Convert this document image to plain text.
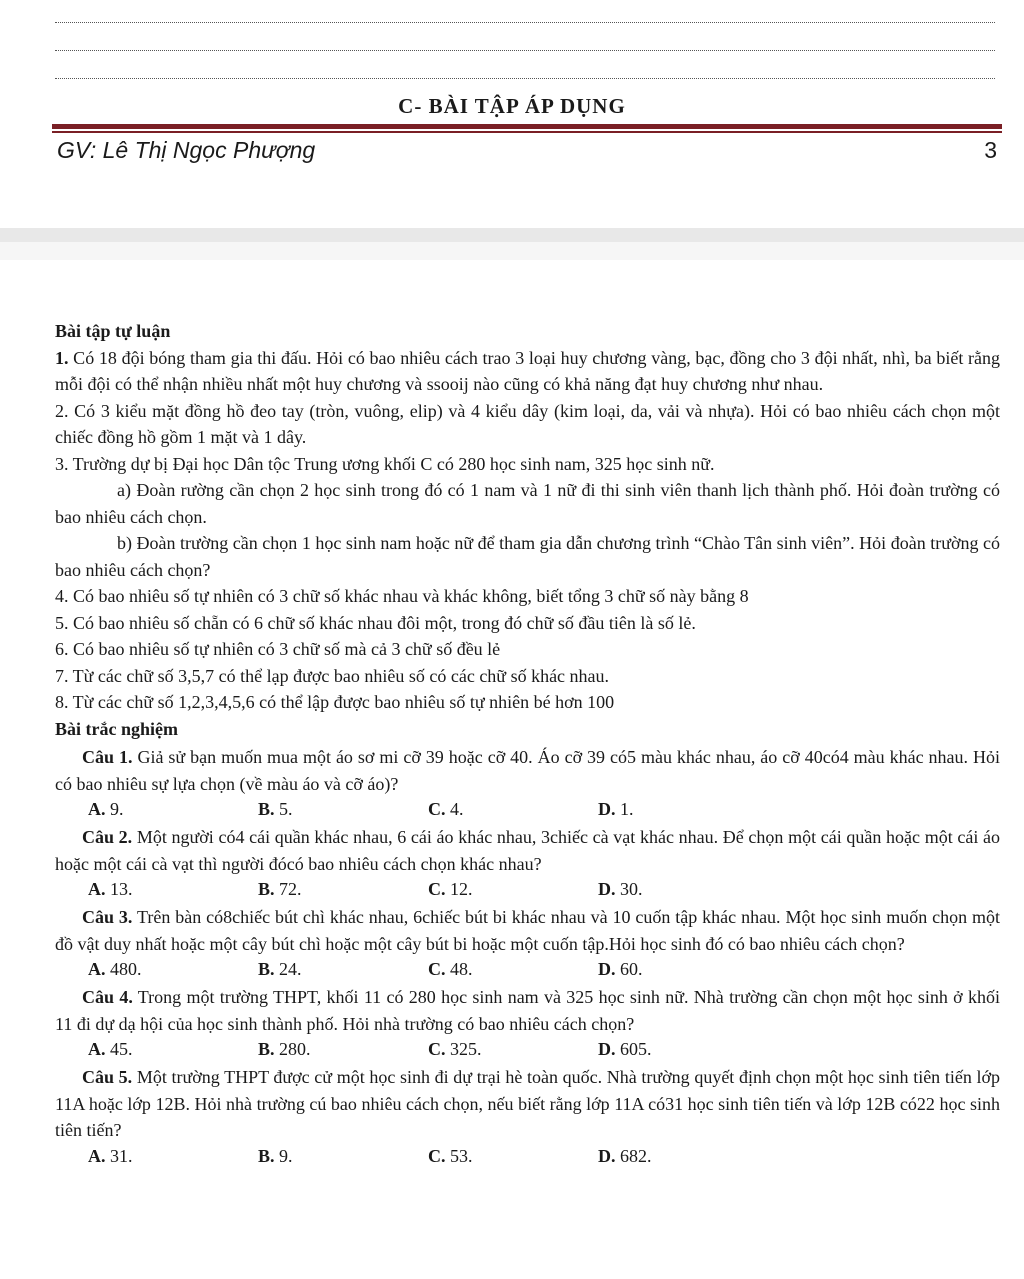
C- BÀI TẬP ÁP DỤNG
GV: Lê Thị Ngọc Phượng	3

Bài tập tự luận

1. Có 18 đội bóng tham gia thi đấu. Hỏi có bao nhiêu cách trao 3 loại huy chương vàng, bạc, đồng cho 3 đội nhất, nhì, ba biết rằng mỗi đội có thể nhận nhiều nhất một huy chương và ssooij nào cũng có khả năng đạt huy chương như nhau.

2. Có 3 kiểu mặt đồng hồ đeo tay (tròn, vuông, elip) và 4 kiểu dây (kim loại, da, vải và nhựa). Hỏi có bao nhiêu cách chọn một chiếc đồng hồ gồm 1 mặt và 1 dây.

3. Trường dự bị Đại học Dân tộc Trung ương khối C có 280 học sinh nam, 325 học sinh nữ.

a) Đoàn rường cần chọn 2 học sinh trong đó có 1 nam và 1 nữ đi thi sinh viên thanh lịch thành phố. Hỏi đoàn trường có bao nhiêu cách chọn.

b) Đoàn trường cần chọn 1 học sinh nam hoặc nữ để tham gia dẫn chương trình “Chào Tân sinh viên”. Hỏi đoàn trường có bao nhiêu cách chọn?

4. Có bao nhiêu số tự nhiên có 3 chữ số khác nhau và khác không, biết tổng 3 chữ số này bằng 8

5. Có bao nhiêu số chẵn có 6 chữ số khác nhau đôi một, trong đó chữ số đầu tiên là số lẻ.

6. Có bao nhiêu số tự nhiên có 3 chữ số mà cả 3 chữ số đều lẻ

7. Từ các chữ số 3,5,7 có thể lạp được bao nhiêu số có các chữ số khác nhau.

8. Từ các chữ số 1,2,3,4,5,6 có thể lập được bao nhiêu số tự nhiên bé hơn 100

Bài trắc nghiệm

Câu 1. Giả sử bạn muốn mua một áo sơ mi cỡ 39 hoặc cỡ 40. Áo cỡ 39 có5 màu khác nhau, áo cỡ 40có4 màu khác nhau. Hỏi có bao nhiêu sự lựa chọn (về màu áo và cỡ áo)?

A. 9.	B. 5.	C. 4.	D. 1.

Câu 2. Một người có4 cái quần khác nhau, 6 cái áo khác nhau, 3chiếc cà vạt khác nhau. Để chọn một cái quần hoặc một cái áo hoặc một cái cà vạt thì người đócó bao nhiêu cách chọn khác nhau?

A. 13.	B. 72.	C. 12.	D. 30.

Câu 3. Trên bàn có8chiếc bút chì khác nhau, 6chiếc bút bi khác nhau và 10 cuốn tập khác nhau. Một học sinh muốn chọn một đồ vật duy nhất hoặc một cây bút chì hoặc một cây bút bi hoặc một cuốn tập.Hỏi học sinh đó có bao nhiêu cách chọn?

A. 480.	B. 24.	C. 48.	D. 60.

Câu 4. Trong một trường THPT, khối 11 có 280 học sinh nam và 325 học sinh nữ. Nhà trường cần chọn một học sinh ở khối 11 đi dự dạ hội của học sinh thành phố. Hỏi nhà trường có bao nhiêu cách chọn?

A. 45.	B. 280.	C. 325.	D. 605.

Câu 5. Một trường THPT được cử một học sinh đi dự trại hè toàn quốc. Nhà trường quyết định chọn một học sinh tiên tiến lớp 11A hoặc lớp 12B. Hỏi nhà trường cú bao nhiêu cách chọn, nếu biết rằng lớp 11A có31 học sinh tiên tiến và lớp 12B có22 học sinh tiên tiến?

A. 31.	B. 9.	C. 53.	D. 682.
